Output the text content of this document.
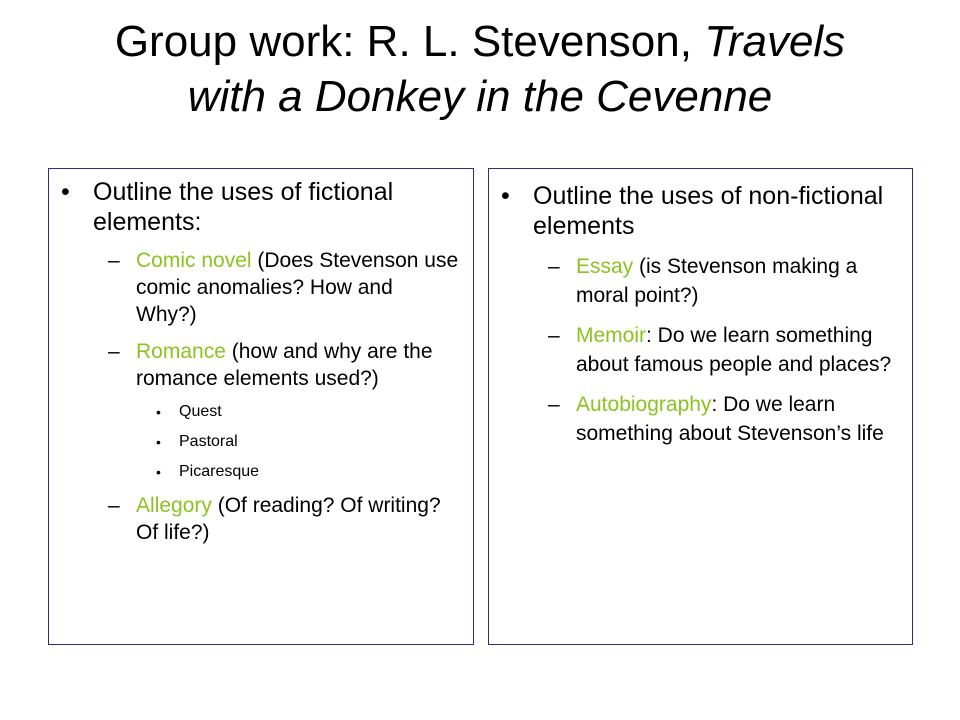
Group work: R. L. Stevenson, Travels
with a Donkey in the Cevenne
• Outline the uses of fictional elements:
– Comic novel (Does Stevenson use comic anomalies? How and Why?)
– Romance (how and why are the romance elements used?)
• Quest
• Pastoral
• Picaresque
– Allegory (Of reading? Of writing? Of life?)
• Outline the uses of non-fictional elements
– Essay (is Stevenson making a moral point?)
– Memoir: Do we learn something about famous people and places?
– Autobiography: Do we learn something about Stevenson’s life
